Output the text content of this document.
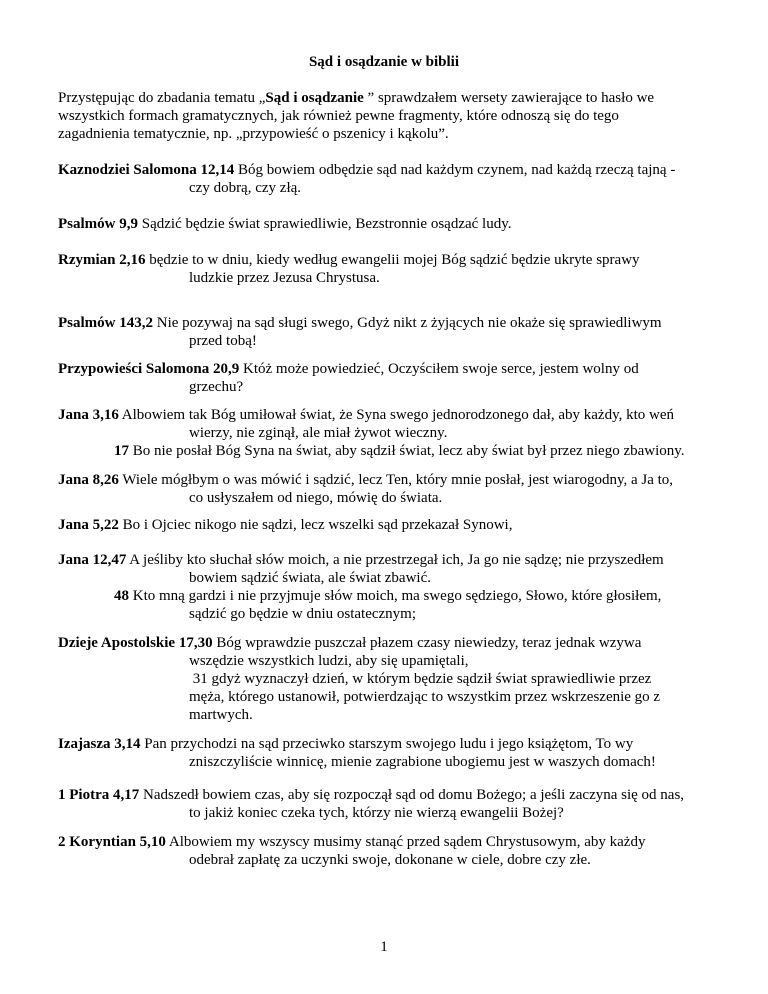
Sąd i osądzanie w biblii
Przystępując do zbadania tematu „Sąd i osądzanie ” sprawdzałem wersety zawierające to hasło we
wszystkich formach gramatycznych, jak również pewne fragmenty, które odnoszą się do tego
zagadnienia tematycznie, np. „przypowieść o pszenicy i kąkolu”.
Kaznodziei Salomona 12,14 Bóg bowiem odbędzie sąd nad każdym czynem, nad każdą rzeczą tajną -
czy dobrą, czy złą.
Psalmów 9,9 Sądzić będzie świat sprawiedliwie, Bezstronnie osądzać ludy.
Rzymian 2,16 będzie to w dniu, kiedy według ewangelii mojej Bóg sądzić będzie ukryte sprawy
ludzkie przez Jezusa Chrystusa.
Psalmów 143,2 Nie pozywaj na sąd sługi swego, Gdyż nikt z żyjących nie okaże się sprawiedliwym
przed tobą!
Przypowieści Salomona 20,9 Któż może powiedzieć, Oczyściłem swoje serce, jestem wolny od
grzechu?
Jana 3,16 Albowiem tak Bóg umiłował świat, że Syna swego jednorodzonego dał, aby każdy, kto weń
wierzy, nie zginął, ale miał żywot wieczny.
17 Bo nie posłał Bóg Syna na świat, aby sądził świat, lecz aby świat był przez niego zbawiony.
Jana 8,26 Wiele mógłbym o was mówić i sądzić, lecz Ten, który mnie posłał, jest wiarogodny, a Ja to,
co usłyszałem od niego, mówię do świata.
Jana 5,22 Bo i Ojciec nikogo nie sądzi, lecz wszelki sąd przekazał Synowi,
Jana 12,47 A jeśliby kto słuchał słów moich, a nie przestrzegał ich, Ja go nie sądzę; nie przyszedłem
bowiem sądzić świata, ale świat zbawić.
48 Kto mną gardzi i nie przyjmuje słów moich, ma swego sędziego, Słowo, które głosiłem,
sądzić go będzie w dniu ostatecznym;
Dzieje Apostolskie 17,30 Bóg wprawdzie puszczał płazem czasy niewiedzy, teraz jednak wzywa
wszędzie wszystkich ludzi, aby się upamiętali,
31 gdyż wyznaczył dzień, w którym będzie sądził świat sprawiedliwie przez
męża, którego ustanowił, potwierdzając to wszystkim przez wskrzeszenie go z
martwych.
Izajasza 3,14 Pan przychodzi na sąd przeciwko starszym swojego ludu i jego książętom, To wy
zniszczyliście winnicę, mienie zagrabione ubogiemu jest w waszych domach!
1 Piotra 4,17 Nadszedł bowiem czas, aby się rozpoczął sąd od domu Bożego; a jeśli zaczyna się od nas,
to jakiż koniec czeka tych, którzy nie wierzą ewangelii Bożej?
2 Koryntian 5,10 Albowiem my wszyscy musimy stanąć przed sądem Chrystusowym, aby każdy
odebrał zapłatę za uczynki swoje, dokonane w ciele, dobre czy złe.
1
